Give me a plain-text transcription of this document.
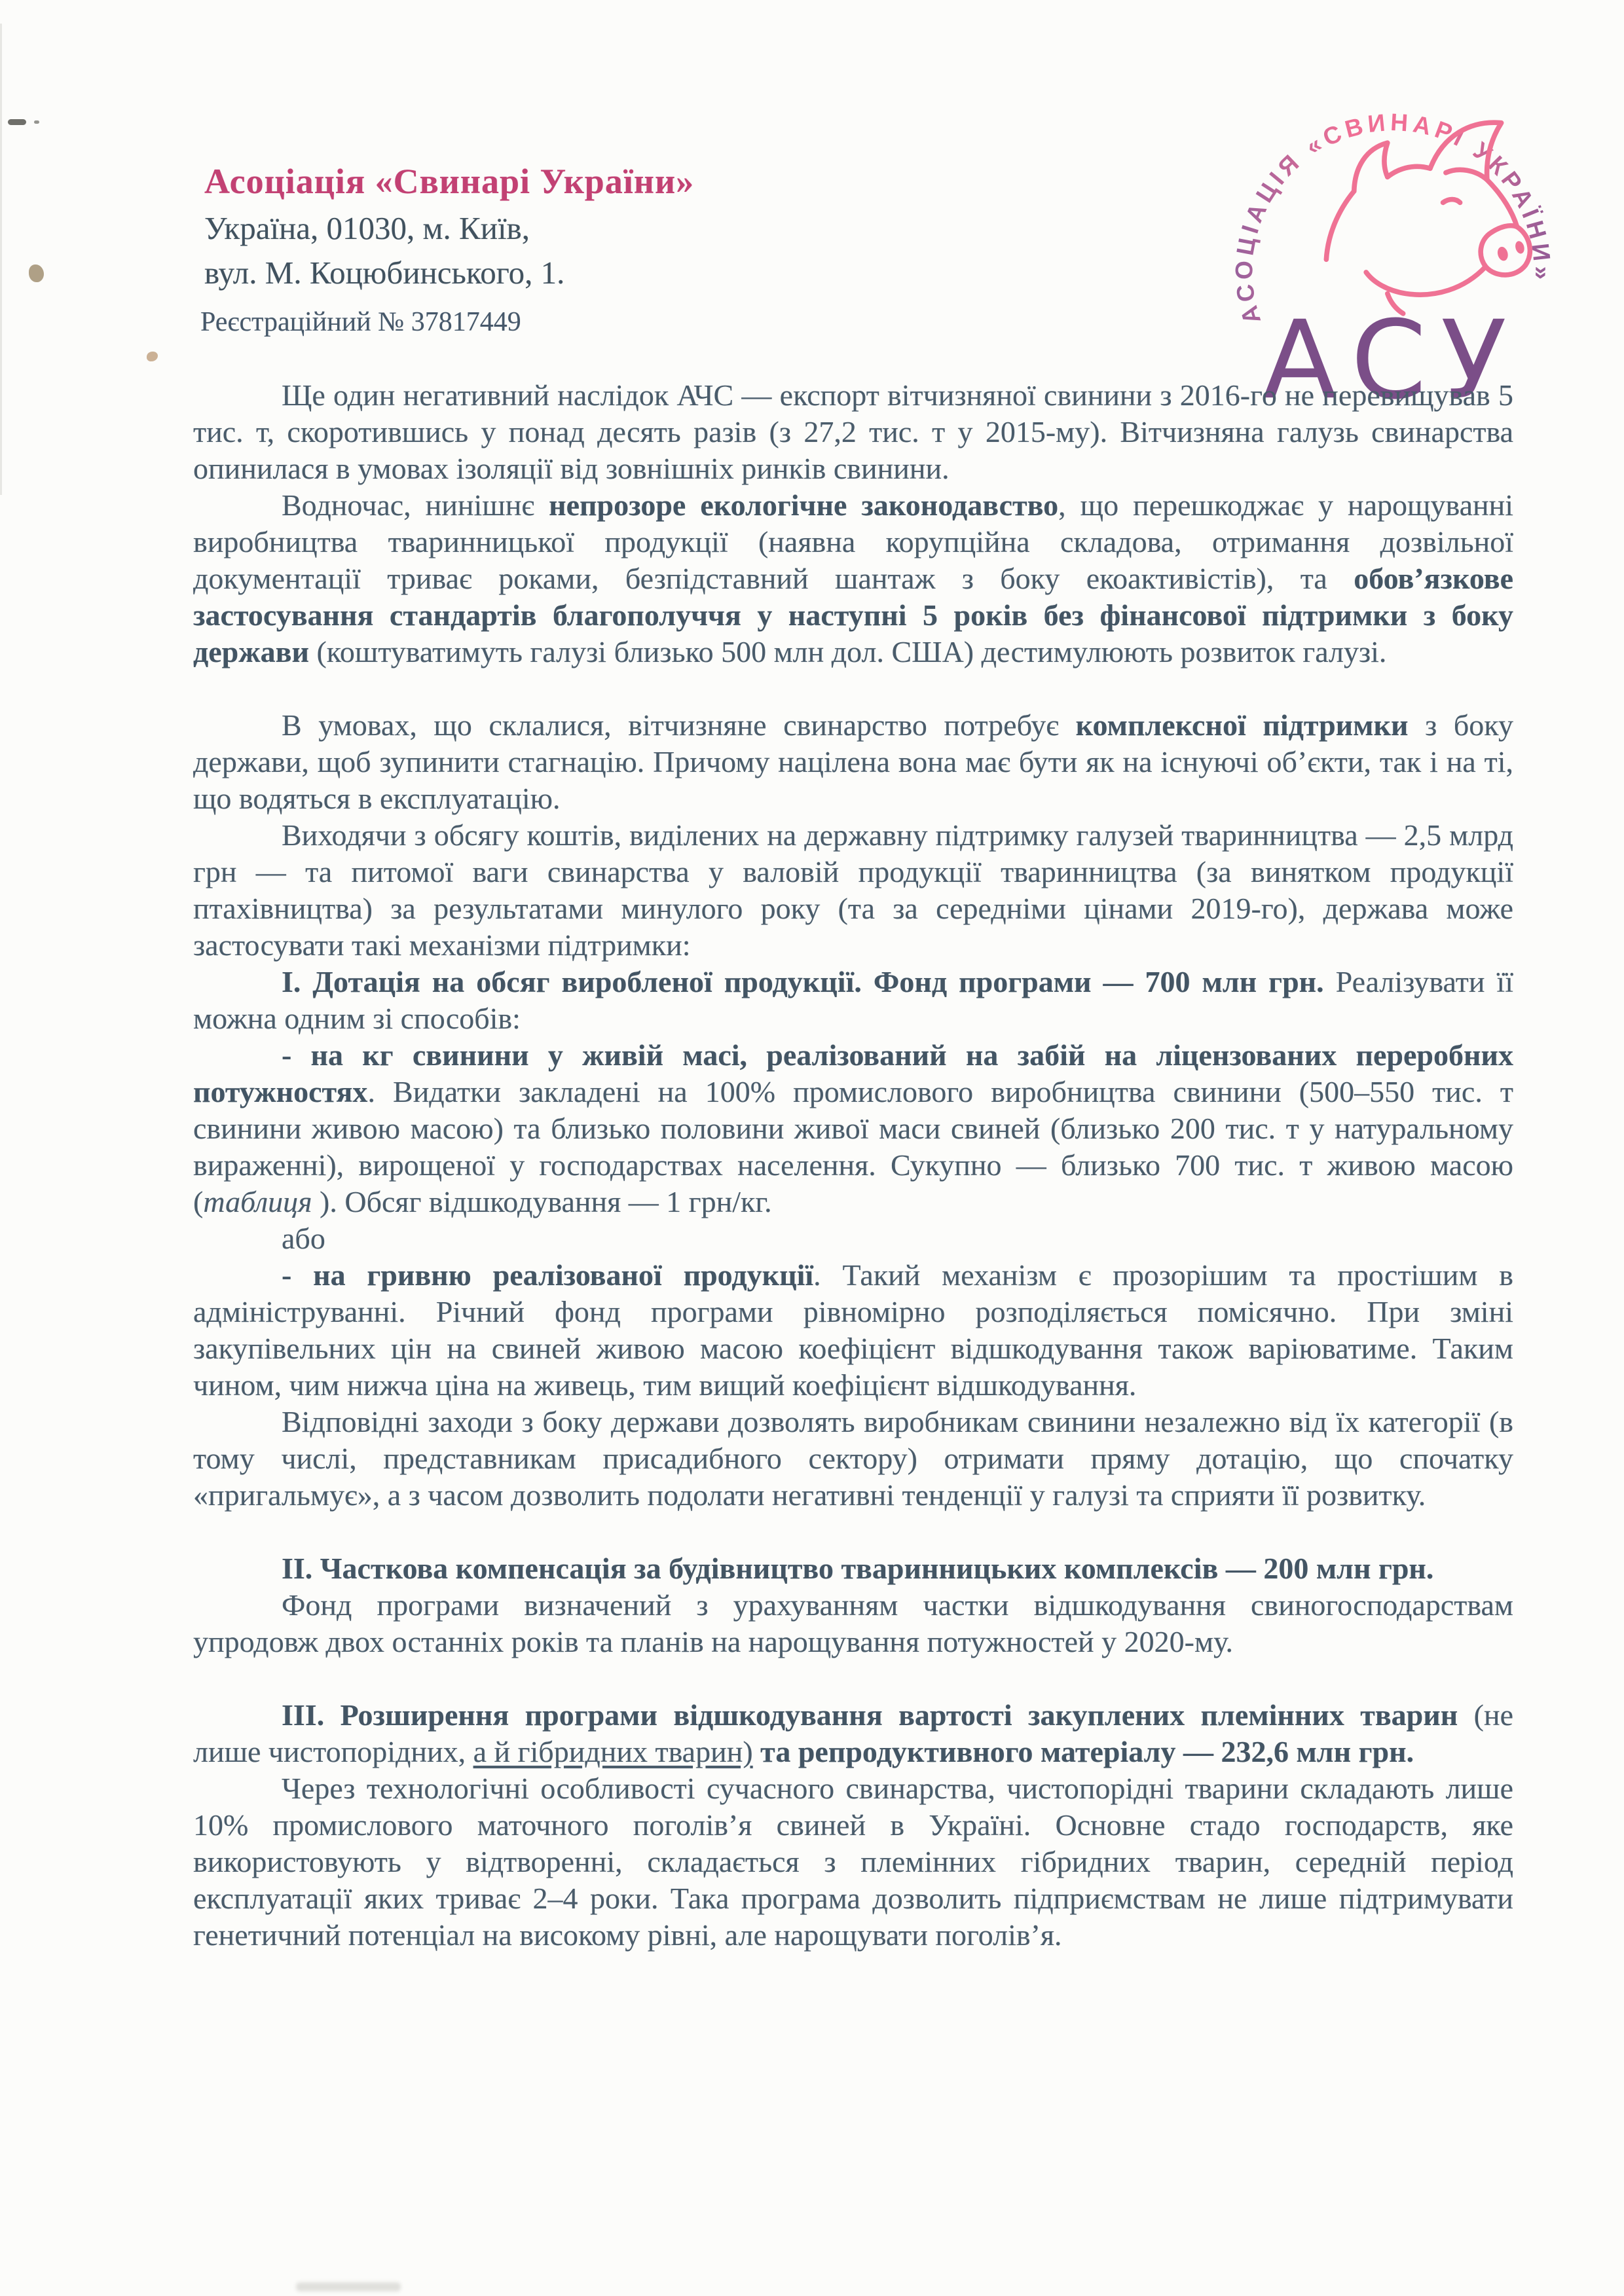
Асоціація «Свинарі України»
Україна, 01030, м. Київ,
вул. М. Коцюбинського, 1.
Реєстраційний № 37817449	АСОЦІАЦІЯ «СВИНАРІ УКРАЇНИ»
АСУ

Ще один негативний наслідок АЧС — експорт вітчизняної свинини з 2016-го не перевищував 5 тис. т, скоротившись у понад десять разів (з 27,2 тис. т у 2015-му). Вітчизняна галузь свинарства опинилася в умовах ізоляції від зовнішніх ринків свинини.

Водночас, нинішнє непрозоре екологічне законодавство, що перешкоджає у нарощуванні виробництва тваринницької продукції (наявна корупційна складова, отримання дозвільної документації триває роками, безпідставний шантаж з боку екоактивістів), та обов’язкове застосування стандартів благополуччя у наступні 5 років без фінансової підтримки з боку держави (коштуватимуть галузі близько 500 млн дол. США) дестимулюють розвиток галузі.

В умовах, що склалися, вітчизняне свинарство потребує комплексної підтримки з боку держави, щоб зупинити стагнацію. Причому націлена вона має бути як на існуючі об’єкти, так і на ті, що водяться в експлуатацію.

Виходячи з обсягу коштів, виділених на державну підтримку галузей тваринництва — 2,5 млрд грн — та питомої ваги свинарства у валовій продукції тваринництва (за винятком продукції птахівництва) за результатами минулого року (та за середніми цінами 2019-го), держава може застосувати такі механізми підтримки:

І. Дотація на обсяг виробленої продукції. Фонд програми — 700 млн грн. Реалізувати її можна одним зі способів:

- на кг свинини у живій масі, реалізований на забій на ліцензованих переробних потужностях. Видатки закладені на 100% промислового виробництва свинини (500–550 тис. т свинини живою масою) та близько половини живої маси свиней (близько 200 тис. т у натуральному вираженні), вирощеної у господарствах населення. Сукупно — близько 700 тис. т живою масою (таблиця ). Обсяг відшкодування — 1 грн/кг.

або

- на гривню реалізованої продукції. Такий механізм є прозорішим та простішим в адмініструванні. Річний фонд програми рівномірно розподіляється помісячно. При зміні закупівельних цін на свиней живою масою коефіцієнт відшкодування також варіюватиме. Таким чином, чим нижча ціна на живець, тим вищий коефіцієнт відшкодування.

Відповідні заходи з боку держави дозволять виробникам свинини незалежно від їх категорії (в тому числі, представникам присадибного сектору) отримати пряму дотацію, що спочатку «пригальмує», а з часом дозволить подолати негативні тенденції у галузі та сприяти її розвитку.

ІІ. Часткова компенсація за будівництво тваринницьких комплексів — 200 млн грн.

Фонд програми визначений з урахуванням частки відшкодування свиногосподарствам упродовж двох останніх років та планів на нарощування потужностей у 2020-му.

ІІІ. Розширення програми відшкодування вартості закуплених племінних тварин (не лише чистопорідних, а й гібридних тварин) та репродуктивного матеріалу — 232,6 млн грн.

Через технологічні особливості сучасного свинарства, чистопорідні тварини складають лише 10% промислового маточного поголів’я свиней в Україні. Основне стадо господарств, яке використовують у відтворенні, складається з племінних гібридних тварин, середній період експлуатації яких триває 2–4 роки. Така програма дозволить підприємствам не лише підтримувати генетичний потенціал на високому рівні, але нарощувати поголів’я.
